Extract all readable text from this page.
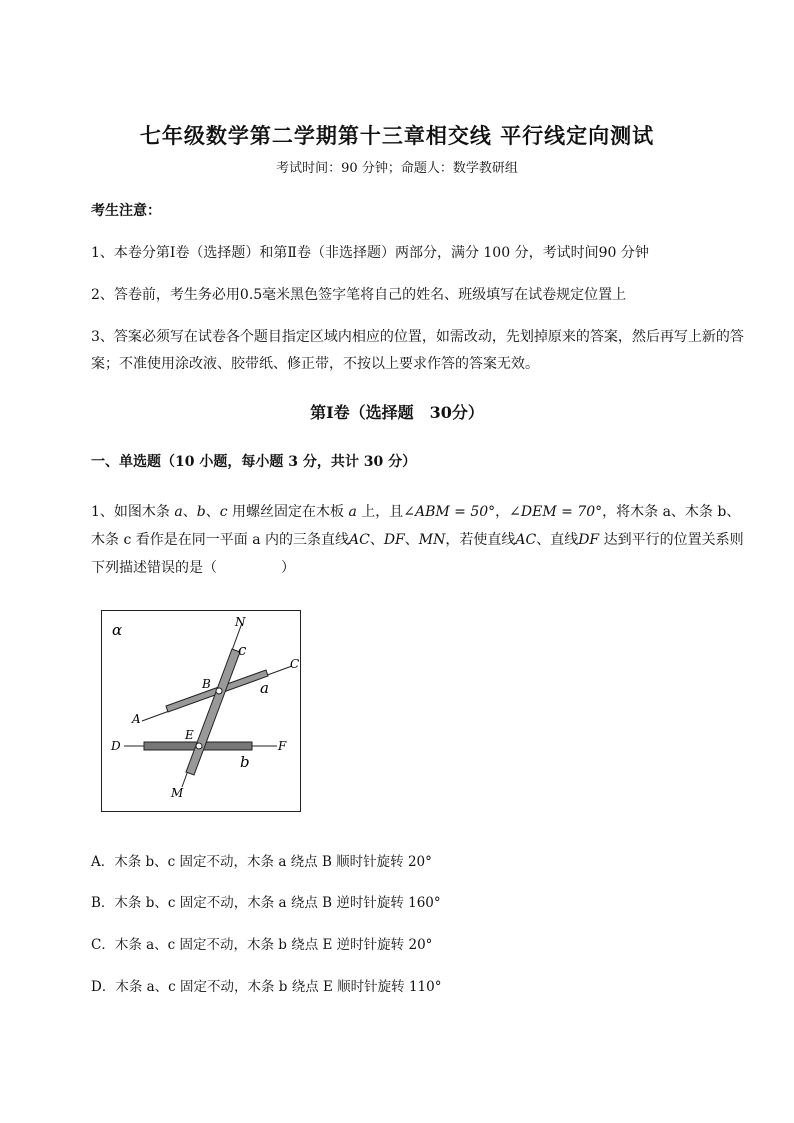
七年级数学第二学期第十三章相交线 平行线定向测试
考试时间：90 分钟；命题人：数学教研组
考生注意：
1、本卷分第Ⅰ卷（选择题）和第Ⅱ卷（非选择题）两部分，满分 100 分，考试时间90 分钟
2、答卷前，考生务必用0.5毫米黑色签字笔将自己的姓名、班级填写在试卷规定位置上
3、答案必须写在试卷各个题目指定区域内相应的位置，如需改动，先划掉原来的答案，然后再写上新的答案；不准使用涂改液、胶带纸、修正带，不按以上要求作答的答案无效。
第Ⅰ卷（选择题　30分）
一、单选题（10 小题，每小题 3 分，共计 30 分）
1、如图木条 a、b、c 用螺丝固定在木板 a 上，且∠ABM = 50°，∠DEM = 70°，将木条 a、木条 b、木条 c 看作是在同一平面 a 内的三条直线AC、DF、MN，若使直线AC、直线DF 达到平行的位置关系则下列描述错误的是（	）
α	N
c
C
B	a
A
E
D	F
b
M
A．木条 b、c 固定不动，木条 a 绕点 B 顺时针旋转 20°
B．木条 b、c 固定不动，木条 a 绕点 B 逆时针旋转 160°
C．木条 a、c 固定不动，木条 b 绕点 E 逆时针旋转 20°
D．木条 a、c 固定不动，木条 b 绕点 E 顺时针旋转 110°
